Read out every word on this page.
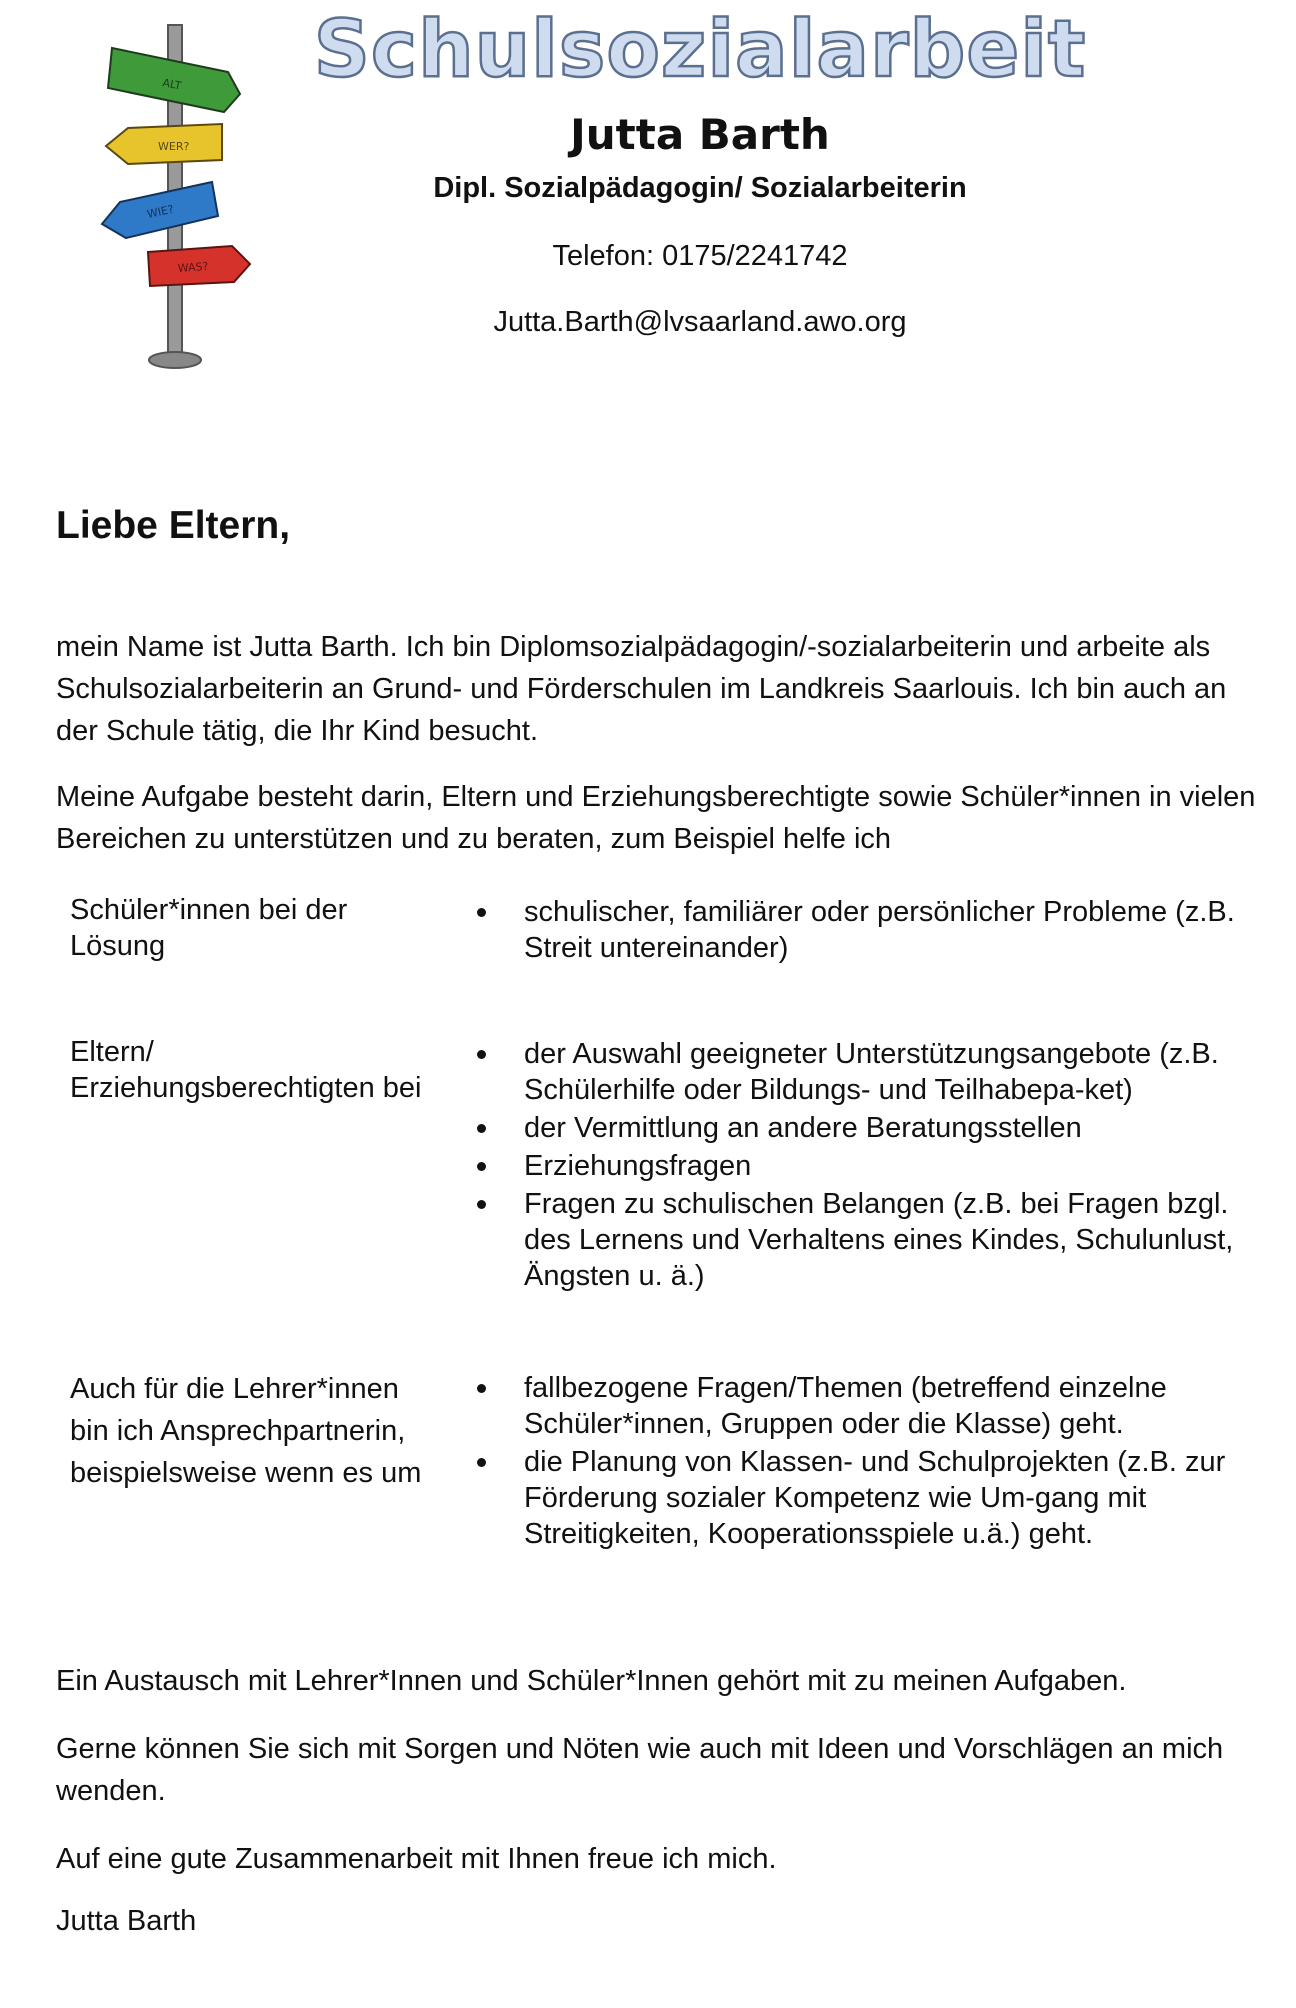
ALT
WER?
WIE?
WAS?
Schulsozialarbeit
Jutta Barth
Dipl. Sozialpädagogin/ Sozialarbeiterin
Telefon: 0175/2241742
Jutta.Barth@lvsaarland.awo.org
Liebe Eltern,

mein Name ist Jutta Barth. Ich bin Diplomsozialpädagogin/-sozialarbeiterin und arbeite als Schulsozialarbeiterin an Grund- und Förderschulen im Landkreis Saarlouis. Ich bin auch an der Schule tätig, die Ihr Kind besucht.

Meine Aufgabe besteht darin, Eltern und Erziehungsberechtigte sowie Schüler*innen in vielen Bereichen zu unterstützen und zu beraten, zum Beispiel helfe ich

Schüler*innen bei der Lösung

schulischer, familiärer oder persönlicher Probleme (z.B. Streit untereinander)

Eltern/ Erziehungsberechtigten bei

der Auswahl geeigneter Unterstützungsangebote (z.B. Schülerhilfe oder Bildungs- und Teilhabepa-ket)
der Vermittlung an andere Beratungsstellen
Erziehungsfragen
Fragen zu schulischen Belangen (z.B. bei Fragen bzgl. des Lernens und Verhaltens eines Kindes, Schulunlust, Ängsten u. ä.)

Auch für die Lehrer*innen bin ich Ansprechpartnerin, beispielsweise wenn es um

fallbezogene Fragen/Themen (betreffend einzelne Schüler*innen, Gruppen oder die Klasse) geht.
die Planung von Klassen- und Schulprojekten (z.B. zur Förderung sozialer Kompetenz wie Um-gang mit Streitigkeiten, Kooperationsspiele u.ä.) geht.

Ein Austausch mit Lehrer*Innen und Schüler*Innen gehört mit zu meinen Aufgaben.

Gerne können Sie sich mit Sorgen und Nöten wie auch mit Ideen und Vorschlägen an mich wenden.

Auf eine gute Zusammenarbeit mit Ihnen freue ich mich.

Jutta Barth
